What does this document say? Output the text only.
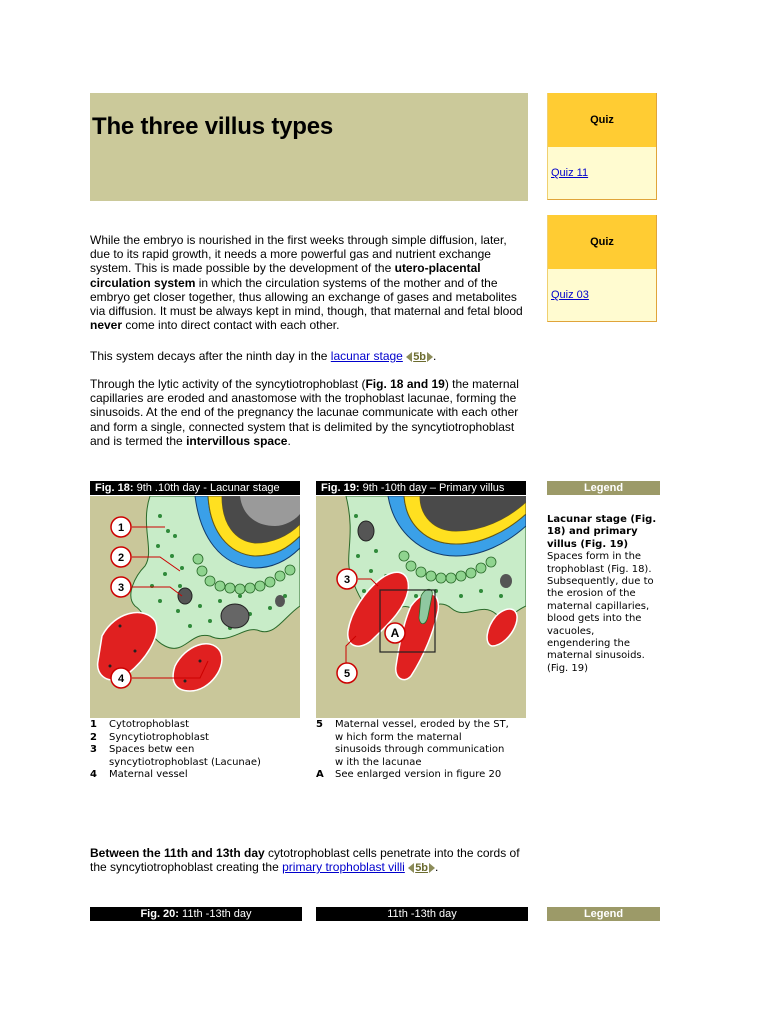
The three villus types	Quiz
Quiz 11
Quiz
Quiz 03
While the embryo is nourished in the first weeks through simple diffusion, later, due to its rapid growth, it needs a more powerful gas and nutrient exchange system. This is made possible by the development of the utero-placental circulation system in which the circulation systems of the mother and of the embryo get closer together, thus allowing an exchange of gases and metabolites via diffusion. It must be always kept in mind, though, that maternal and fetal blood never come into direct contact with each other.
This system decays after the ninth day in the lacunar stage 5b .
Through the lytic activity of the syncytiotrophoblast (Fig. 18 and 19) the maternal capillaries are eroded and anastomose with the trophoblast lacunae, forming the sinusoids. At the end of the pregnancy the lacunae communicate with each other and form a single, connected system that is delimited by the syncytiotrophoblast and is termed the intervillous space.
Fig. 18: 9th .10th day - Lacunar stage	Fig. 19: 9th -10th day – Primary villus	Legend
1
2
3
4
3
5
A
1	Cytotrophoblast
2	Syncytiotrophoblast
3	Spaces betw een syncytiotrophoblast (Lacunae)
4	Maternal vessel
5	Maternal vessel, eroded by the ST, w hich form the maternal sinusoids through communication w ith the lacunae
A	See enlarged version in figure 20
Lacunar stage (Fig. 18) and primary villus (Fig. 19)
Spaces form in the trophoblast (Fig. 18). Subsequently, due to the erosion of the maternal capillaries, blood gets into the vacuoles, engendering the maternal sinusoids. (Fig. 19)
Between the 11th and 13th day cytotrophoblast cells penetrate into the cords of the syncytiotrophoblast creating the primary trophoblast villi 5b .
Fig. 20: 11th -13th day	11th -13th day	Legend
